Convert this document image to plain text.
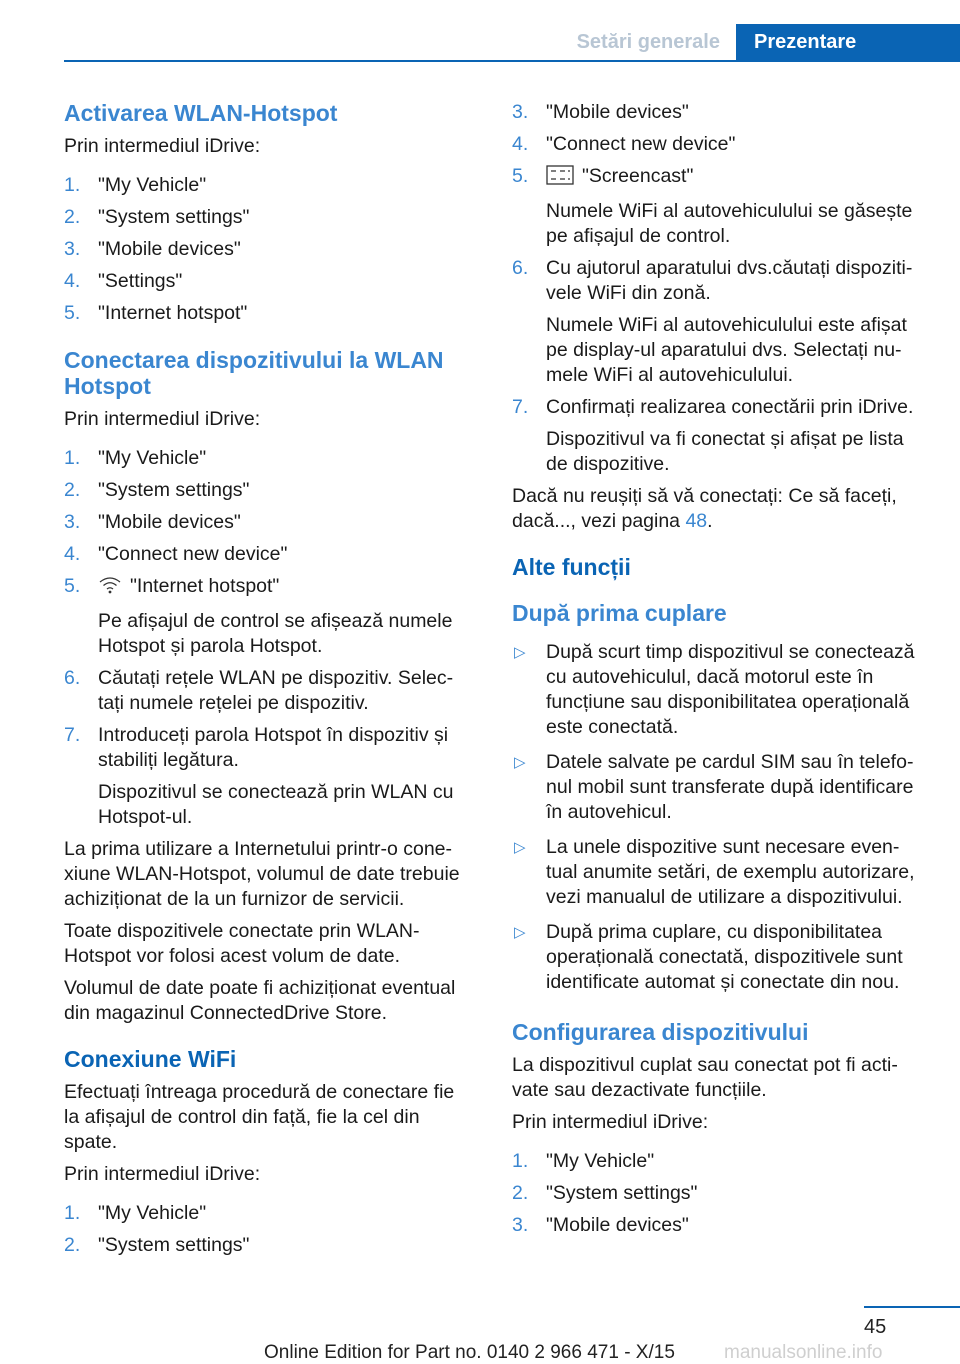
Setări generale	Prezentare
Activarea WLAN-Hotspot

Prin intermediul iDrive:

1. "My Vehicle"
2. "System settings"
3. "Mobile devices"
4. "Settings"
5. "Internet hotspot"
Conectarea dispozitivului la WLAN Hotspot

Prin intermediul iDrive:

1. "My Vehicle"
2. "System settings"
3. "Mobile devices"
4. "Connect new device"
5.	"Internet hotspot"
Pe afișajul de control se afișează numele Hotspot și parola Hotspot.
6. Căutați rețele WLAN pe dispozitiv. Selec‐tați numele rețelei pe dispozitiv.
7. Introduceți parola Hotspot în dispozitiv și stabiliți legătura.
Dispozitivul se conectează prin WLAN cu Hotspot-ul.

La prima utilizare a Internetului printr-o cone‐xiune WLAN-Hotspot, volumul de date trebuie achiziționat de la un furnizor de servicii.

Toate dispozitivele conectate prin WLAN-Hotspot vor folosi acest volum de date.

Volumul de date poate fi achiziționat eventual din magazinul ConnectedDrive Store.

Conexiune WiFi

Efectuați întreaga procedură de conectare fie la afișajul de control din față, fie la cel din spate.

Prin intermediul iDrive:

1. "My Vehicle"
2. "System settings"
3. "Mobile devices"
4. "Connect new device"
5.	"Screencast"
Numele WiFi al autovehiculului se găsește pe afișajul de control.
6. Cu ajutorul aparatului dvs.căutați dispoziti‐vele WiFi din zonă.
Numele WiFi al autovehiculului este afișat pe display-ul aparatului dvs. Selectați nu‐mele WiFi al autovehiculului.
7. Confirmați realizarea conectării prin iDrive.
Dispozitivul va fi conectat și afișat pe lista de dispozitive.

Dacă nu reușiți să vă conectați: Ce să faceți, dacă..., vezi pagina 48.

Alte funcții
După prima cuplare
▷ După scurt timp dispozitivul se conectează cu autovehiculul, dacă motorul este în funcțiune sau disponibilitatea operațională este conectată.
▷ Datele salvate pe cardul SIM sau în telefo‐nul mobil sunt transferate după identificare în autovehicul.
▷ La unele dispozitive sunt necesare even‐tual anumite setări, de exemplu autorizare, vezi manualul de utilizare a dispozitivului.
▷ După prima cuplare, cu disponibilitatea operațională conectată, dispozitivele sunt identificate automat și conectate din nou.
Configurarea dispozitivului

La dispozitivul cuplat sau conectat pot fi acti‐vate sau dezactivate funcțiile.

Prin intermediul iDrive:

1. "My Vehicle"
2. "System settings"
3. "Mobile devices"
45
Online Edition for Part no. 0140 2 966 471 - X/15	manualsonline.info
